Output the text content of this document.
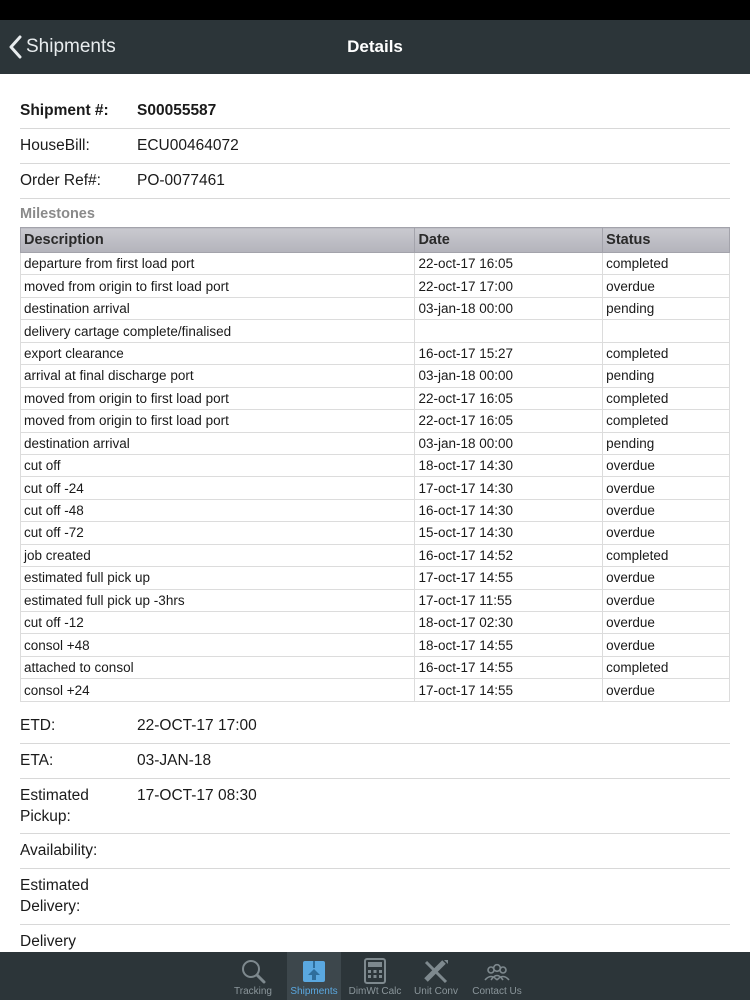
Shipments	Details
Shipment #:	S00055587
HouseBill:	ECU00464072
Order Ref#:	PO-0077461
Milestones
Description	Date	Status
departure from first load port	22-oct-17 16:05	completed
moved from origin to first load port	22-oct-17 17:00	overdue
destination arrival	03-jan-18 00:00	pending
delivery cartage complete/finalised		
export clearance	16-oct-17 15:27	completed
arrival at final discharge port	03-jan-18 00:00	pending
moved from origin to first load port	22-oct-17 16:05	completed
moved from origin to first load port	22-oct-17 16:05	completed
destination arrival	03-jan-18 00:00	pending
cut off	18-oct-17 14:30	overdue
cut off -24	17-oct-17 14:30	overdue
cut off -48	16-oct-17 14:30	overdue
cut off -72	15-oct-17 14:30	overdue
job created	16-oct-17 14:52	completed
estimated full pick up	17-oct-17 14:55	overdue
estimated full pick up -3hrs	17-oct-17 11:55	overdue
cut off -12	18-oct-17 02:30	overdue
consol +48	18-oct-17 14:55	overdue
attached to consol	16-oct-17 14:55	completed
consol +24	17-oct-17 14:55	overdue
ETD:	22-OCT-17 17:00
ETA:	03-JAN-18
Estimated
Pickup:
17-OCT-17 08:30
Availability:
Estimated
Delivery:
Delivery
Tracking	Shipments	DimWt Calc	Unit Conv	Contact Us
